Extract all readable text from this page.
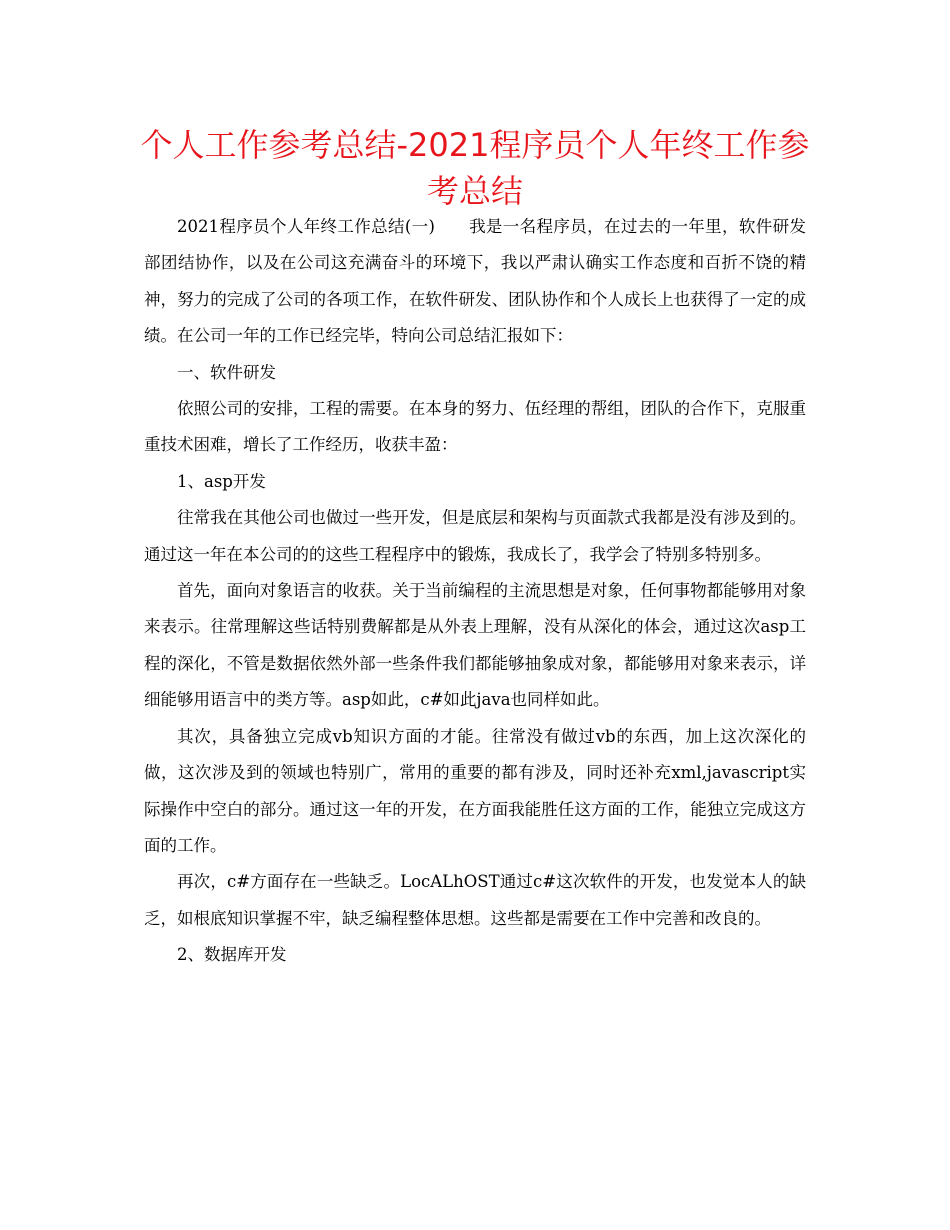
个人工作参考总结-2021程序员个人年终工作参考总结

2021程序员个人年终工作总结(一)　　我是一名程序员，在过去的一年里，软件研发部团结协作，以及在公司这充满奋斗的环境下，我以严肃认确实工作态度和百折不饶的精神，努力的完成了公司的各项工作，在软件研发、团队协作和个人成长上也获得了一定的成绩。在公司一年的工作已经完毕，特向公司总结汇报如下：

一、软件研发

依照公司的安排，工程的需要。在本身的努力、伍经理的帮组，团队的合作下，克服重重技术困难，增长了工作经历，收获丰盈：

1、asp开发

往常我在其他公司也做过一些开发，但是底层和架构与页面款式我都是没有涉及到的。通过这一年在本公司的的这些工程程序中的锻炼，我成长了，我学会了特别多特别多。

首先，面向对象语言的收获。关于当前编程的主流思想是对象，任何事物都能够用对象来表示。往常理解这些话特别费解都是从外表上理解，没有从深化的体会，通过这次asp工程的深化，不管是数据依然外部一些条件我们都能够抽象成对象，都能够用对象来表示，详细能够用语言中的类方等。asp如此，c#如此java也同样如此。

其次，具备独立完成vb知识方面的才能。往常没有做过vb的东西，加上这次深化的做，这次涉及到的领域也特别广，常用的重要的都有涉及，同时还补充xml,javascript实际操作中空白的部分。通过这一年的开发，在方面我能胜任这方面的工作，能独立完成这方面的工作。

再次，c#方面存在一些缺乏。LocALhOST通过c#这次软件的开发，也发觉本人的缺乏，如根底知识掌握不牢，缺乏编程整体思想。这些都是需要在工作中完善和改良的。

2、数据库开发
